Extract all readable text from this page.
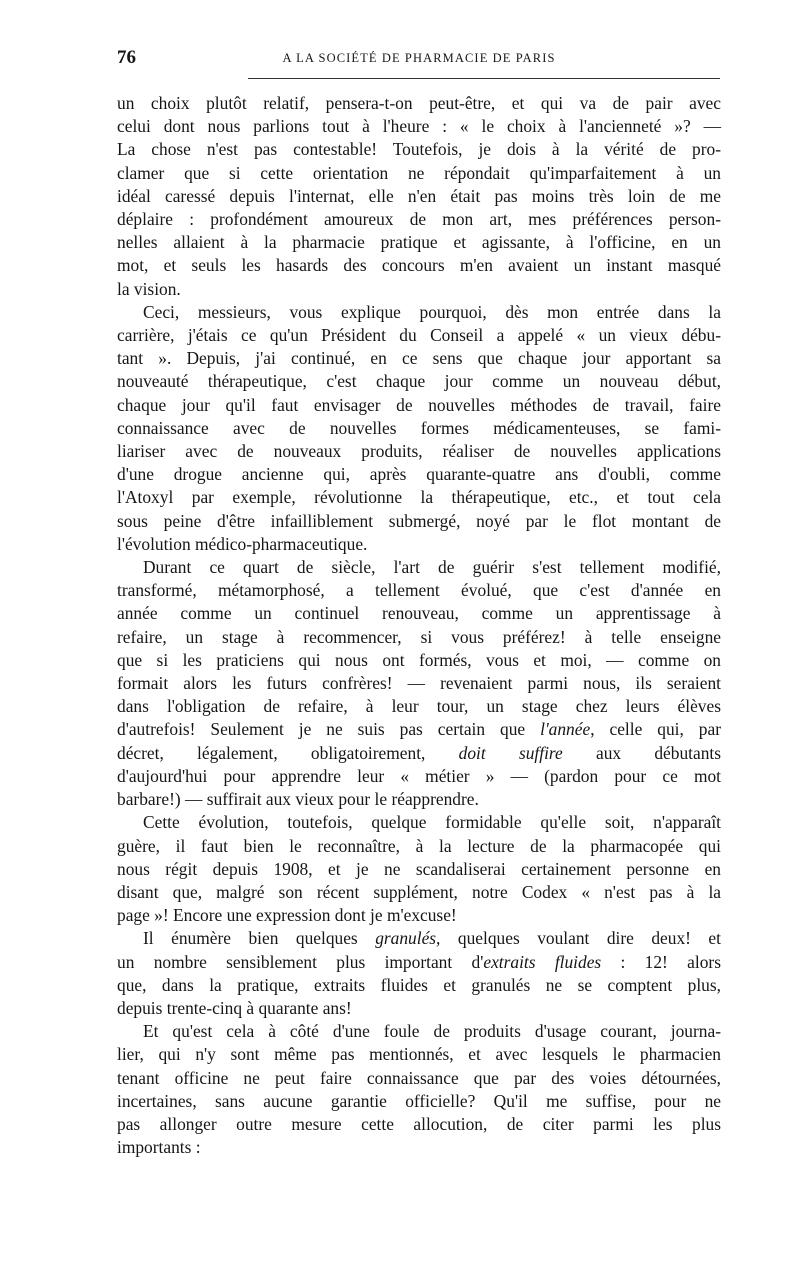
76	A LA SOCIÉTÉ DE PHARMACIE DE PARIS
un choix plutôt relatif, pensera-t-on peut-être, et qui va de pair avec
celui dont nous parlions tout à l'heure : « le choix à l'ancienneté »? —
La chose n'est pas contestable! Toutefois, je dois à la vérité de pro-
clamer que si cette orientation ne répondait qu'imparfaitement à un
idéal caressé depuis l'internat, elle n'en était pas moins très loin de me
déplaire : profondément amoureux de mon art, mes préférences person-
nelles allaient à la pharmacie pratique et agissante, à l'officine, en un
mot, et seuls les hasards des concours m'en avaient un instant masqué
la vision.
Ceci, messieurs, vous explique pourquoi, dès mon entrée dans la
carrière, j'étais ce qu'un Président du Conseil a appelé « un vieux débu-
tant ». Depuis, j'ai continué, en ce sens que chaque jour apportant sa
nouveauté thérapeutique, c'est chaque jour comme un nouveau début,
chaque jour qu'il faut envisager de nouvelles méthodes de travail, faire
connaissance avec de nouvelles formes médicamenteuses, se fami-
liariser avec de nouveaux produits, réaliser de nouvelles applications
d'une drogue ancienne qui, après quarante-quatre ans d'oubli, comme
l'Atoxyl par exemple, révolutionne la thérapeutique, etc., et tout cela
sous peine d'être infailliblement submergé, noyé par le flot montant de
l'évolution médico-pharmaceutique.
Durant ce quart de siècle, l'art de guérir s'est tellement modifié,
transformé, métamorphosé, a tellement évolué, que c'est d'année en
année comme un continuel renouveau, comme un apprentissage à
refaire, un stage à recommencer, si vous préférez! à telle enseigne
que si les praticiens qui nous ont formés, vous et moi, — comme on
formait alors les futurs confrères! — revenaient parmi nous, ils seraient
dans l'obligation de refaire, à leur tour, un stage chez leurs élèves
d'autrefois! Seulement je ne suis pas certain que l'année, celle qui, par
décret, légalement, obligatoirement, doit suffire aux débutants
d'aujourd'hui pour apprendre leur « métier » — (pardon pour ce mot
barbare!) — suffirait aux vieux pour le réapprendre.
Cette évolution, toutefois, quelque formidable qu'elle soit, n'apparaît
guère, il faut bien le reconnaître, à la lecture de la pharmacopée qui
nous régit depuis 1908, et je ne scandaliserai certainement personne en
disant que, malgré son récent supplément, notre Codex « n'est pas à la
page »! Encore une expression dont je m'excuse!
Il énumère bien quelques granulés, quelques voulant dire deux! et
un nombre sensiblement plus important d'extraits fluides : 12! alors
que, dans la pratique, extraits fluides et granulés ne se comptent plus,
depuis trente-cinq à quarante ans!
Et qu'est cela à côté d'une foule de produits d'usage courant, journa-
lier, qui n'y sont même pas mentionnés, et avec lesquels le pharmacien
tenant officine ne peut faire connaissance que par des voies détournées,
incertaines, sans aucune garantie officielle? Qu'il me suffise, pour ne
pas allonger outre mesure cette allocution, de citer parmi les plus
importants :
